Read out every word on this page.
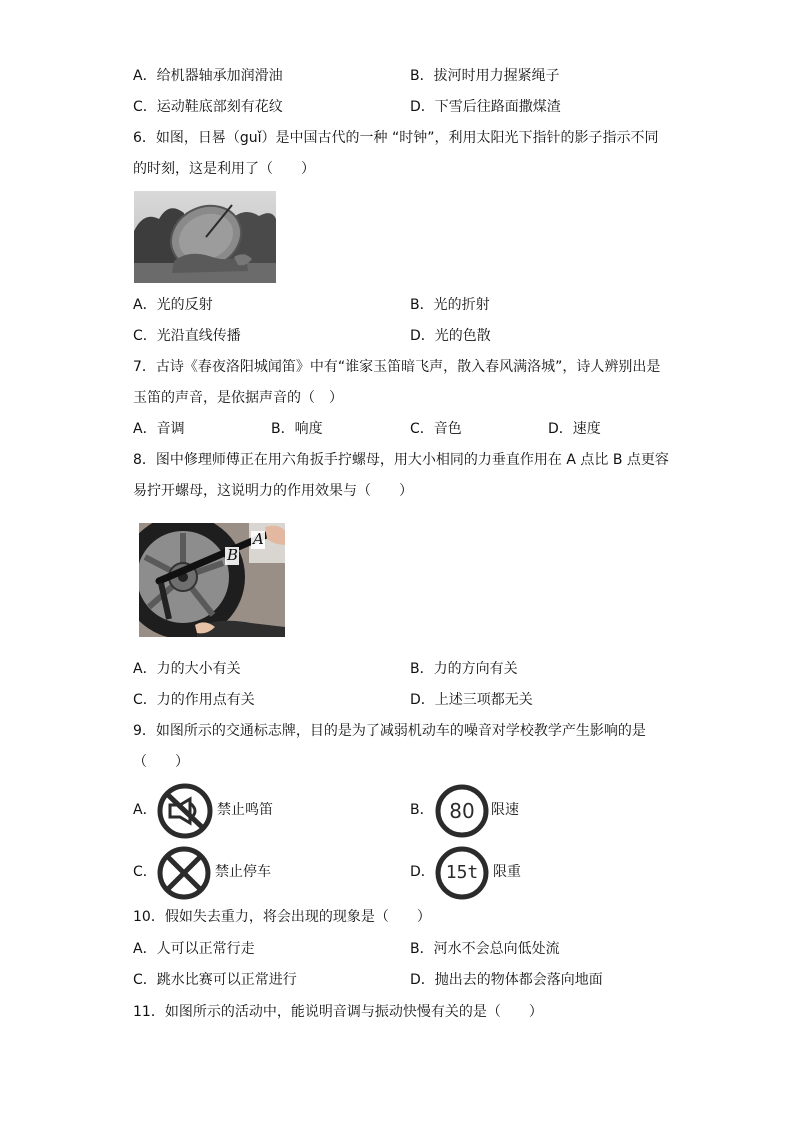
A．给机器轴承加润滑油	B．拔河时用力握紧绳子
C．运动鞋底部刻有花纹	D．下雪后往路面撒煤渣
6．如图，日晷（guǐ）是中国古代的一种 “时钟”，利用太阳光下指针的影子指示不同
的时刻，这是利用了（　　）
A．光的反射	B．光的折射
C．光沿直线传播	D．光的色散
7．古诗《春夜洛阳城闻笛》中有“谁家玉笛暗飞声，散入春风满洛城”，诗人辨别出是
玉笛的声音，是依据声音的（　）
A．音调	B．响度	C．音色	D．速度
8．图中修理师傅正在用六角扳手拧螺母，用大小相同的力垂直作用在 A 点比 B 点更容
易拧开螺母，这说明力的作用效果与（　　）
B
A
A．力的大小有关	B．力的方向有关
C．力的作用点有关	D．上述三项都无关
9．如图所示的交通标志牌，目的是为了减弱机动车的噪音对学校教学产生影响的是
（　　）
A．	禁止鸣笛	B． 80	限速
C．	禁止停车	D． 15t	限重
10．假如失去重力，将会出现的现象是（　　）
A．人可以正常行走	B．河水不会总向低处流
C．跳水比赛可以正常进行	D．抛出去的物体都会落向地面
11．如图所示的活动中，能说明音调与振动快慢有关的是（　　）
